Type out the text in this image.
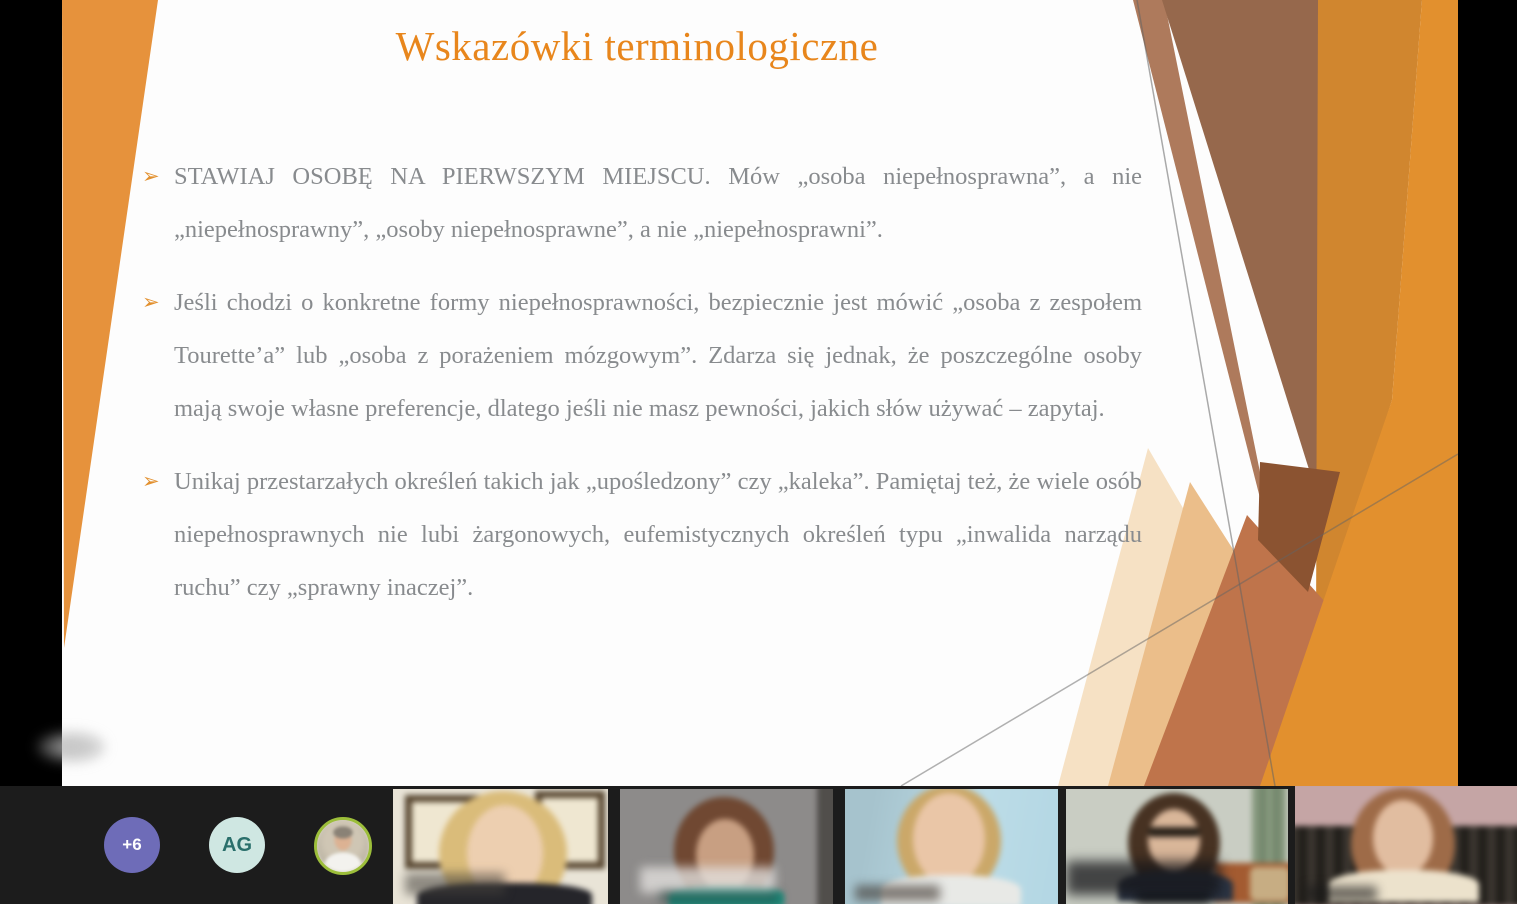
Wskazówki terminologiczne
➢ STAWIAJ OSOBĘ NA PIERWSZYM MIEJSCU. Mów „osoba niepełnosprawna”, a nie „niepełnosprawny”, „osoby niepełnosprawne”, a nie „niepełnosprawni”.
➢ Jeśli chodzi o konkretne formy niepełnosprawności, bezpiecznie jest mówić „osoba z zespołem Tourette’a” lub „osoba z porażeniem mózgowym”. Zdarza się jednak, że poszczególne osoby mają swoje własne preferencje, dlatego jeśli nie masz pewności, jakich słów używać – zapytaj.
➢ Unikaj przestarzałych określeń takich jak „upośledzony” czy „kaleka”. Pamiętaj też, że wiele osób niepełnosprawnych nie lubi żargonowych, eufemistycznych określeń typu „inwalida narządu ruchu” czy „sprawny inaczej”.
+6	AG
